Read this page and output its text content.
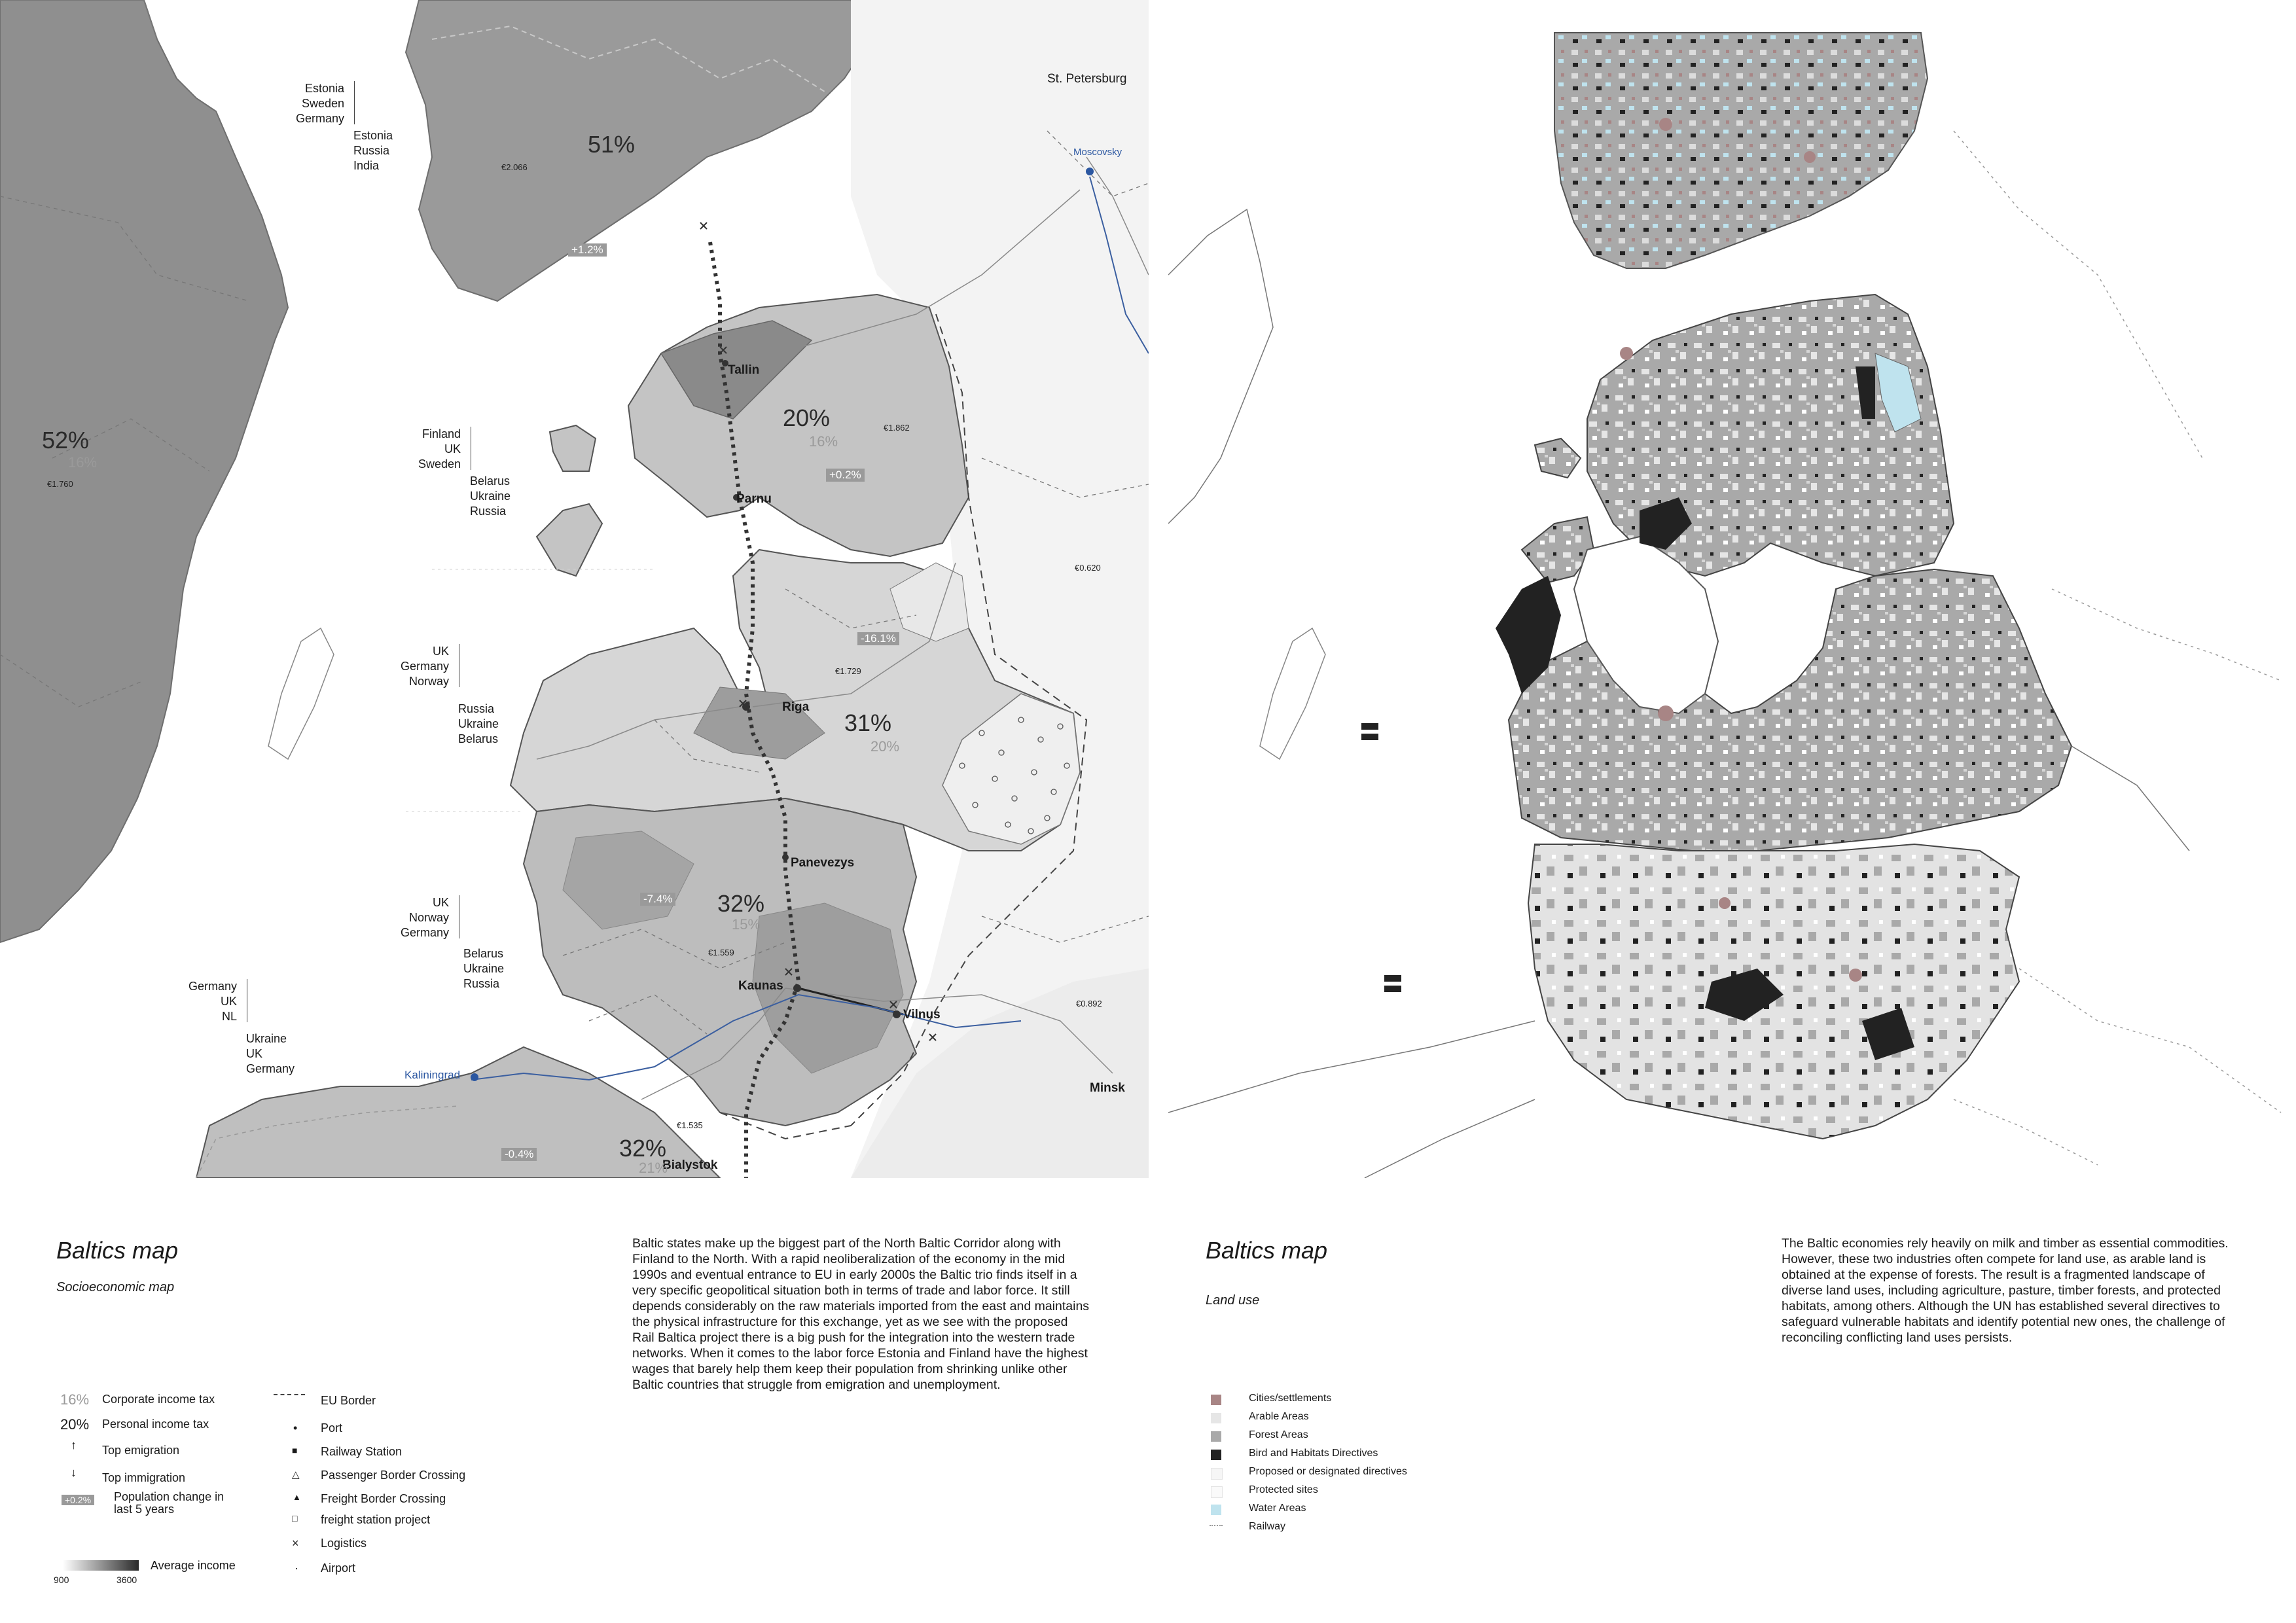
St. Petersburg
Moscovsky
Tallin
Parnu
Riga
Panevezys
Kaunas
Vilnus
Kaliningrad
Minsk
Bialystok
51%
16%
€2.066
+1.2%
52%
16%
€1.760
20%
16%
€1.862
+0.2%
31%
20%
€1.729
-16.1%
32%
15%
€1.559
-7.4%
32%
21%
€1.535
-0.4%
€0.620
€0.892
Estonia
Sweden
Germany
Estonia
Russia
India
Finland
UK
Sweden
Belarus
Ukraine
Russia
UK
Germany
Norway
Russia
Ukraine
Belarus
UK
Norway
Germany
Belarus
Ukraine
Russia
Germany
UK
NL
Ukraine
UK
Germany
Baltics map
Socioeconomic map
Baltic states make up the biggest part of the North Baltic Corridor along with Finland to the North. With a rapid neoliberalization of the economy in the mid 1990s and eventual entrance to EU in early 2000s the Baltic trio finds itself in a very specific geopolitical situation both in terms of trade and labor force. It still depends considerably on the raw materials imported from the east and maintains the physical infrastructure for this exchange, yet as we see with the proposed Rail Baltica project there is a big push for the integration into the western trade networks. When it comes to the labor force Estonia and Finland have the highest wages that barely help them keep their population from shrinking unlike other Baltic countries that struggle from emigration and unemployment.
16% Corporate income tax
20% Personal income tax
↑ Top emigration
↓ Top immigration
+0.2% Population change in last 5 years
Average income
900	3600
EU Border
• Port
■ Railway Station
△ Passenger Border Crossing
▲ Freight Border Crossing
□ freight station project
× Logistics
· Airport
Baltics map
Land use
The Baltic economies rely heavily on milk and timber as essential commodities. However, these two industries often compete for land use, as arable land is obtained at the expense of forests. The result is a fragmented landscape of diverse land uses, including agriculture, pasture, timber forests, and protected habitats, among others. Although the UN has established several directives to safeguard vulnerable habitats and identify potential new ones, the challenge of reconciling conflicting land uses persists.
Cities/settlements
Arable Areas
Forest Areas
Bird and Habitats Directives
Proposed or designated directives
Protected sites
Water Areas
Railway
